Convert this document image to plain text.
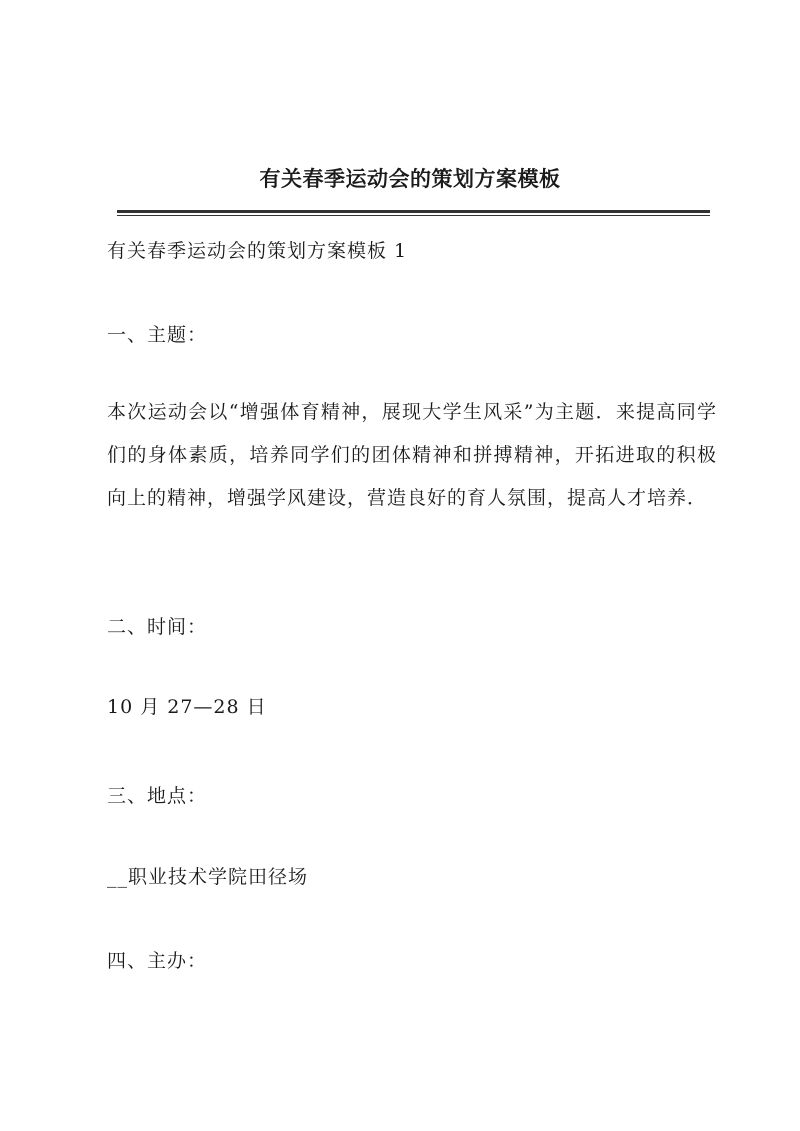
有关春季运动会的策划方案模板
有关春季运动会的策划方案模板 1
一、主题：
本次运动会以“增强体育精神，展现大学生风采”为主题．来提高同学们的身体素质，培养同学们的团体精神和拼搏精神，开拓进取的积极向上的精神，增强学风建设，营造良好的育人氛围，提高人才培养．
二、时间：
10 月 27—28 日
三、地点：
__职业技术学院田径场
四、主办：
